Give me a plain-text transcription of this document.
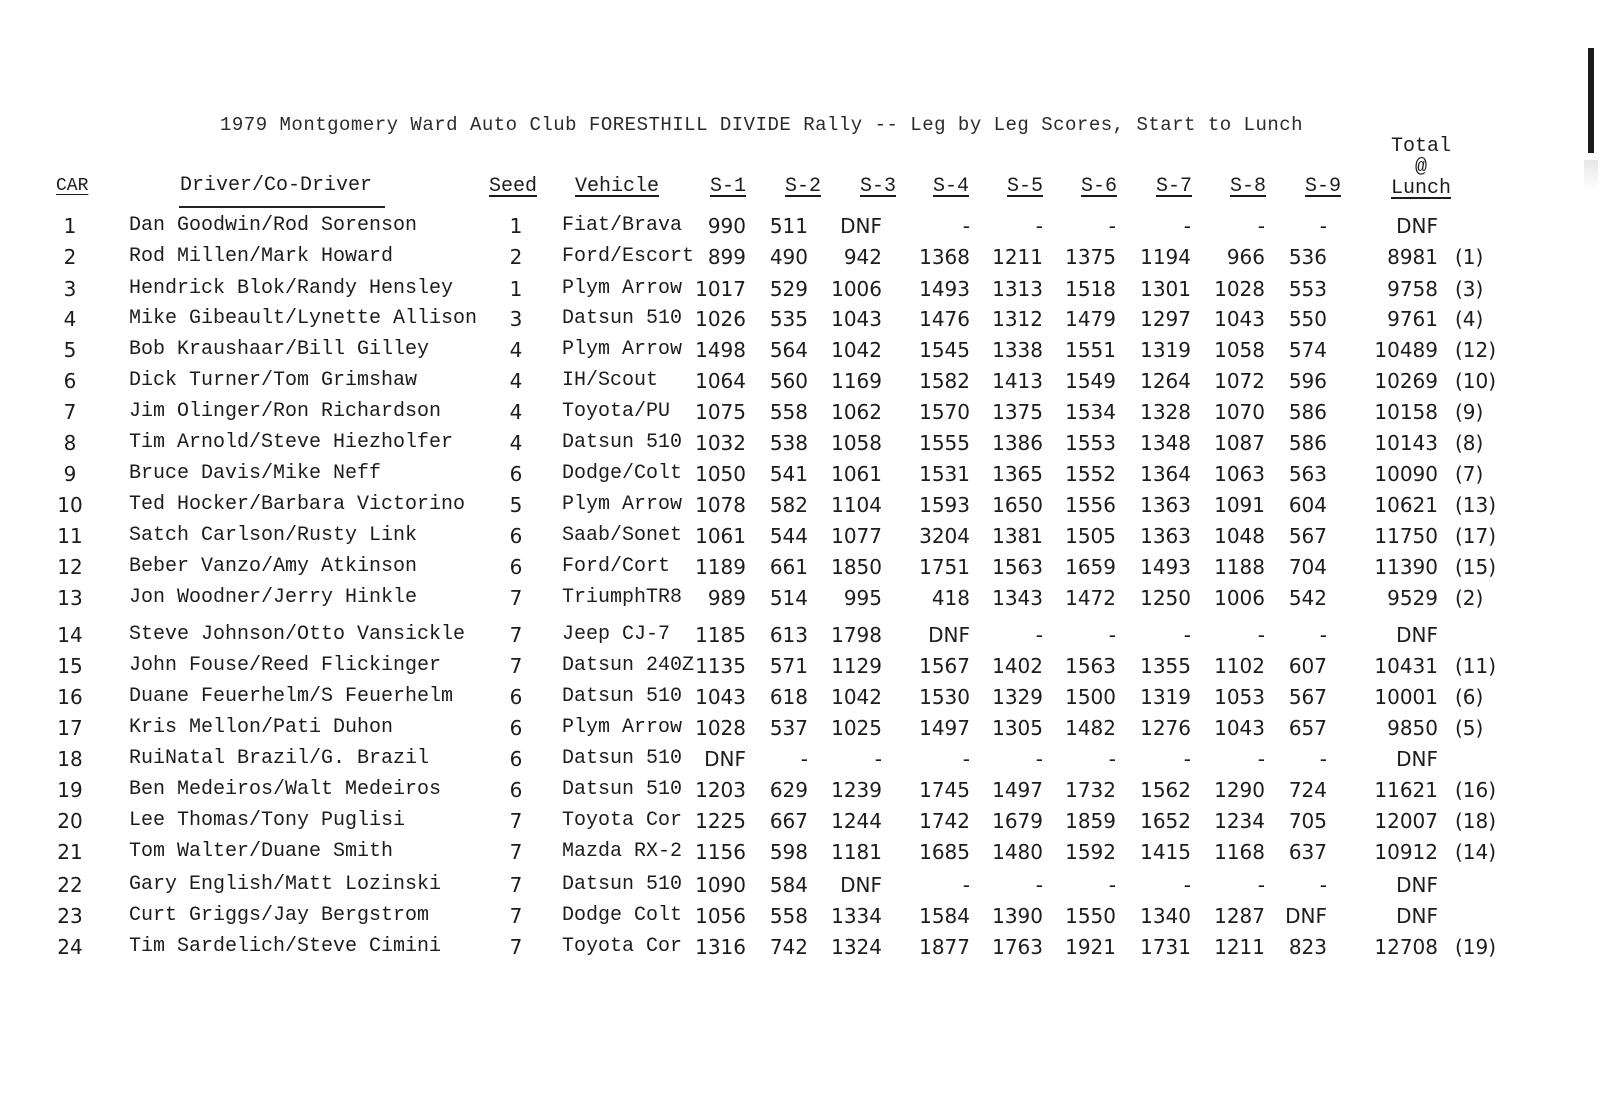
1979 Montgomery Ward Auto Club FORESTHILL DIVIDE Rally -- Leg by Leg Scores, Start to Lunch
CAR	Driver/Co-Driver	Seed Vehicle	S-1 S-2 S-3 S-4 S-5 S-6 S-7 S-8 S-9
Total
@
Lunch
1	Dan Goodwin/Rod Sorenson	1 Fiat/Brava 990 511 DNF	-	-	-	-	-	-	DNF
2	Rod Millen/Mark Howard	2 Ford/Escort 899 490 942 1368 1211 1375 1194 966 536	8981 (1)
3	Hendrick Blok/Randy Hensley	1 Plym Arrow 1017 529 1006 1493 1313 1518 1301 1028 553	9758 (3)
4	Mike Gibeault/Lynette Allison 3 Datsun 510 1026 535 1043 1476 1312 1479 1297 1043 550	9761 (4)
5	Bob Kraushaar/Bill Gilley	4 Plym Arrow 1498 564 1042 1545 1338 1551 1319 1058 574 10489 (12)
6	Dick Turner/Tom Grimshaw	4 IH/Scout 1064 560 1169 1582 1413 1549 1264 1072 596 10269 (10)
7	Jim Olinger/Ron Richardson	4 Toyota/PU 1075 558 1062 1570 1375 1534 1328 1070 586 10158 (9)
8	Tim Arnold/Steve Hiezholfer	4 Datsun 510 1032 538 1058 1555 1386 1553 1348 1087 586 10143 (8)
9	Bruce Davis/Mike Neff	6 Dodge/Colt 1050 541 1061 1531 1365 1552 1364 1063 563 10090 (7)
10 Ted Hocker/Barbara Victorino 5 Plym Arrow 1078 582 1104 1593 1650 1556 1363 1091 604 10621 (13)
11 Satch Carlson/Rusty Link	6 Saab/Sonet 1061 544 1077 3204 1381 1505 1363 1048 567 11750 (17)
12 Beber Vanzo/Amy Atkinson	6 Ford/Cort 1189 661 1850 1751 1563 1659 1493 1188 704 11390 (15)
13 Jon Woodner/Jerry Hinkle	7 TriumphTR8 989 514 995 418 1343 1472 1250 1006 542	9529 (2)
14 Steve Johnson/Otto Vansickle 7 Jeep CJ-7 1185 613 1798 DNF	-	-	-	-	-	DNF
15 John Fouse/Reed Flickinger	7 Datsun 240Z 1135 571 1129 1567 1402 1563 1355 1102 607 10431 (11)
16 Duane Feuerhelm/S Feuerhelm	6 Datsun 510 1043 618 1042 1530 1329 1500 1319 1053 567 10001 (6)
17 Kris Mellon/Pati Duhon	6 Plym Arrow 1028 537 1025 1497 1305 1482 1276 1043 657	9850 (5)
18 RuiNatal Brazil/G. Brazil	6 Datsun 510 DNF	-	-	-	-	-	-	-	-	DNF
19 Ben Medeiros/Walt Medeiros	6 Datsun 510 1203 629 1239 1745 1497 1732 1562 1290 724 11621 (16)
20 Lee Thomas/Tony Puglisi	7 Toyota Cor 1225 667 1244 1742 1679 1859 1652 1234 705 12007 (18)
21 Tom Walter/Duane Smith	7 Mazda RX-2 1156 598 1181 1685 1480 1592 1415 1168 637 10912 (14)
22 Gary English/Matt Lozinski	7 Datsun 510 1090 584 DNF	-	-	-	-	-	-	DNF
23 Curt Griggs/Jay Bergstrom	7 Dodge Colt 1056 558 1334 1584 1390 1550 1340 1287 DNF	DNF
24 Tim Sardelich/Steve Cimini	7 Toyota Cor 1316 742 1324 1877 1763 1921 1731 1211 823 12708 (19)
